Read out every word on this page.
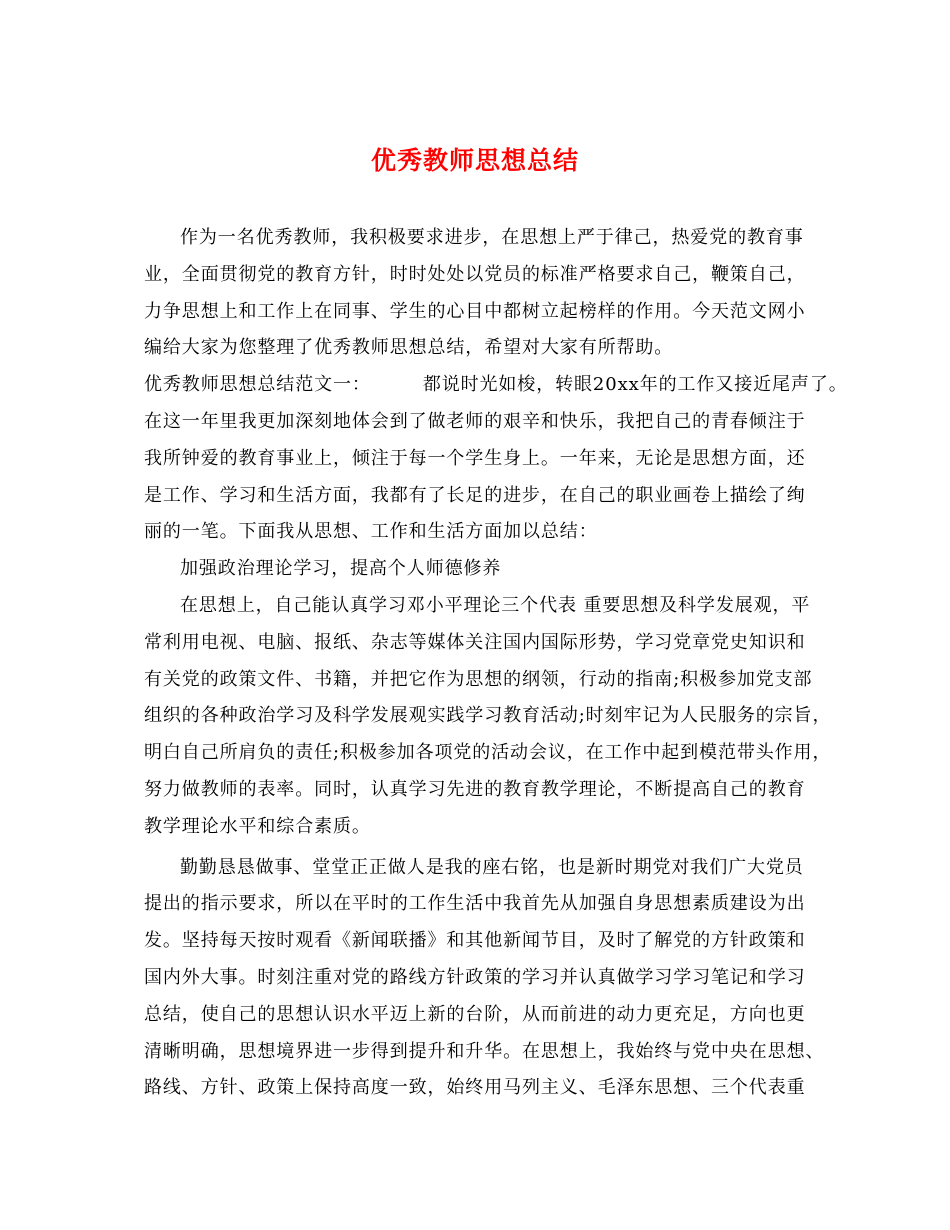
优秀教师思想总结
作为一名优秀教师，我积极要求进步，在思想上严于律己，热爱党的教育事
业，全面贯彻党的教育方针，时时处处以党员的标准严格要求自己，鞭策自己，
力争思想上和工作上在同事、学生的心目中都树立起榜样的作用。今天范文网小
编给大家为您整理了优秀教师思想总结，希望对大家有所帮助。
优秀教师思想总结范文一：	都说时光如梭，转眼20xx年的工作又接近尾声了。
在这一年里我更加深刻地体会到了做老师的艰辛和快乐，我把自己的青春倾注于
我所钟爱的教育事业上，倾注于每一个学生身上。一年来，无论是思想方面，还
是工作、学习和生活方面，我都有了长足的进步，在自己的职业画卷上描绘了绚
丽的一笔。下面我从思想、工作和生活方面加以总结：
加强政治理论学习，提高个人师德修养
在思想上，自己能认真学习邓小平理论三个代表 重要思想及科学发展观，平
常利用电视、电脑、报纸、杂志等媒体关注国内国际形势，学习党章党史知识和
有关党的政策文件、书籍，并把它作为思想的纲领，行动的指南;积极参加党支部
组织的各种政治学习及科学发展观实践学习教育活动;时刻牢记为人民服务的宗旨，
明白自己所肩负的责任;积极参加各项党的活动会议，在工作中起到模范带头作用，
努力做教师的表率。同时，认真学习先进的教育教学理论，不断提高自己的教育
教学理论水平和综合素质。
勤勤恳恳做事、堂堂正正做人是我的座右铭，也是新时期党对我们广大党员
提出的指示要求，所以在平时的工作生活中我首先从加强自身思想素质建设为出
发。坚持每天按时观看《新闻联播》和其他新闻节目，及时了解党的方针政策和
国内外大事。时刻注重对党的路线方针政策的学习并认真做学习学习笔记和学习
总结，使自己的思想认识水平迈上新的台阶，从而前进的动力更充足，方向也更
清晰明确，思想境界进一步得到提升和升华。在思想上，我始终与党中央在思想、
路线、方针、政策上保持高度一致，始终用马列主义、毛泽东思想、三个代表重
